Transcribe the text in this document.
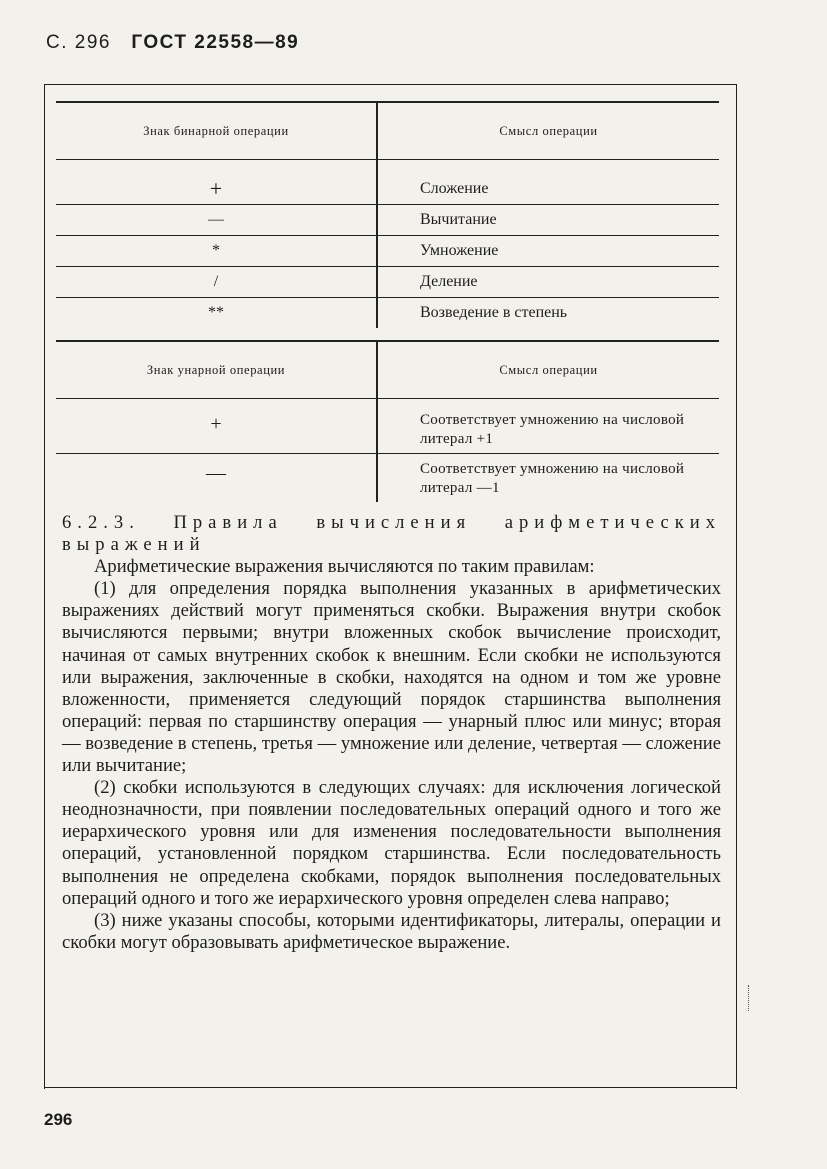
С. 296 ГОСТ 22558—89
Знак бинарной операции	Смысл операции

+	Сложение
—	Вычитание
*	Умножение
/	Деление
**	Возведение в степень
Знак унарной операции	Смысл операции
+	Соответствует умножению на числовой литерал +1
—	Соответствует умножению на числовой литерал —1

6.2.3. Правила вычисления арифметических выражений

Арифметические выражения вычисляются по таким правилам:

(1) для определения порядка выполнения указанных в арифметических выражениях действий могут применяться скобки. Выражения внутри скобок вычисляются первыми; внутри вложенных скобок вычисление происходит, начиная от самых внутренних скобок к внешним. Если скобки не используются или выражения, заключенные в скобки, находятся на одном и том же уровне вложенности, применяется следующий порядок старшинства выполнения операций: первая по старшинству операция — унарный плюс или минус; вторая — возведение в степень, третья — умножение или деление, четвертая — сложение или вычитание;

(2) скобки используются в следующих случаях: для исключения логической неоднозначности, при появлении последовательных операций одного и того же иерархического уровня или для изменения последовательности выполнения операций, установленной порядком старшинства. Если последовательность выполнения не определена скобками, порядок выполнения последовательных операций одного и того же иерархического уровня определен слева направо;

(3) ниже указаны способы, которыми идентификаторы, литералы, операции и скобки могут образовывать арифметическое выражение.

296
